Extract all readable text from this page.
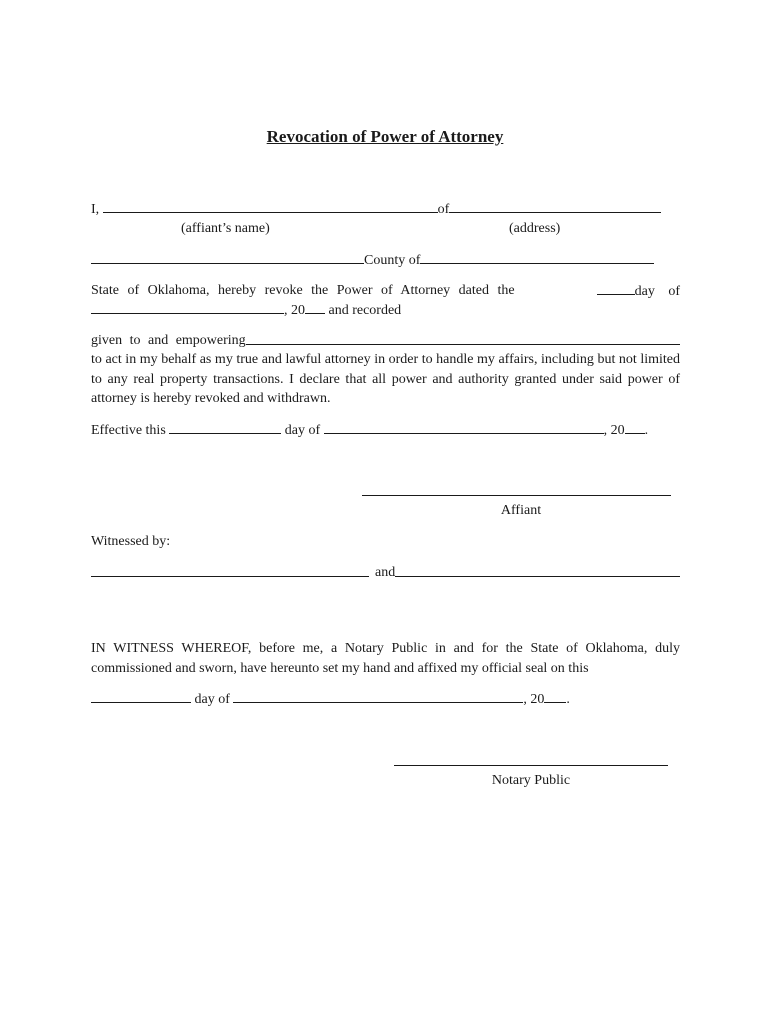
Revocation of Power of Attorney
I,	of
(affiant’s name)	(address)
County of
State of Oklahoma, hereby revoke the Power of Attorney dated the	day of
, 20 and recorded
given to and empowering
to act in my behalf as my true and lawful attorney in order to handle my affairs, including but not limited to any real property transactions. I declare that all power and authority granted under said power of attorney is hereby revoked and withdrawn.
Effective this	day of	, 20 .
Affiant
Witnessed by:
and
IN WITNESS WHEREOF, before me, a Notary Public in and for the State of Oklahoma, duly commissioned and sworn, have hereunto set my hand and affixed my official seal on this
day of	, 20 .
Notary Public
